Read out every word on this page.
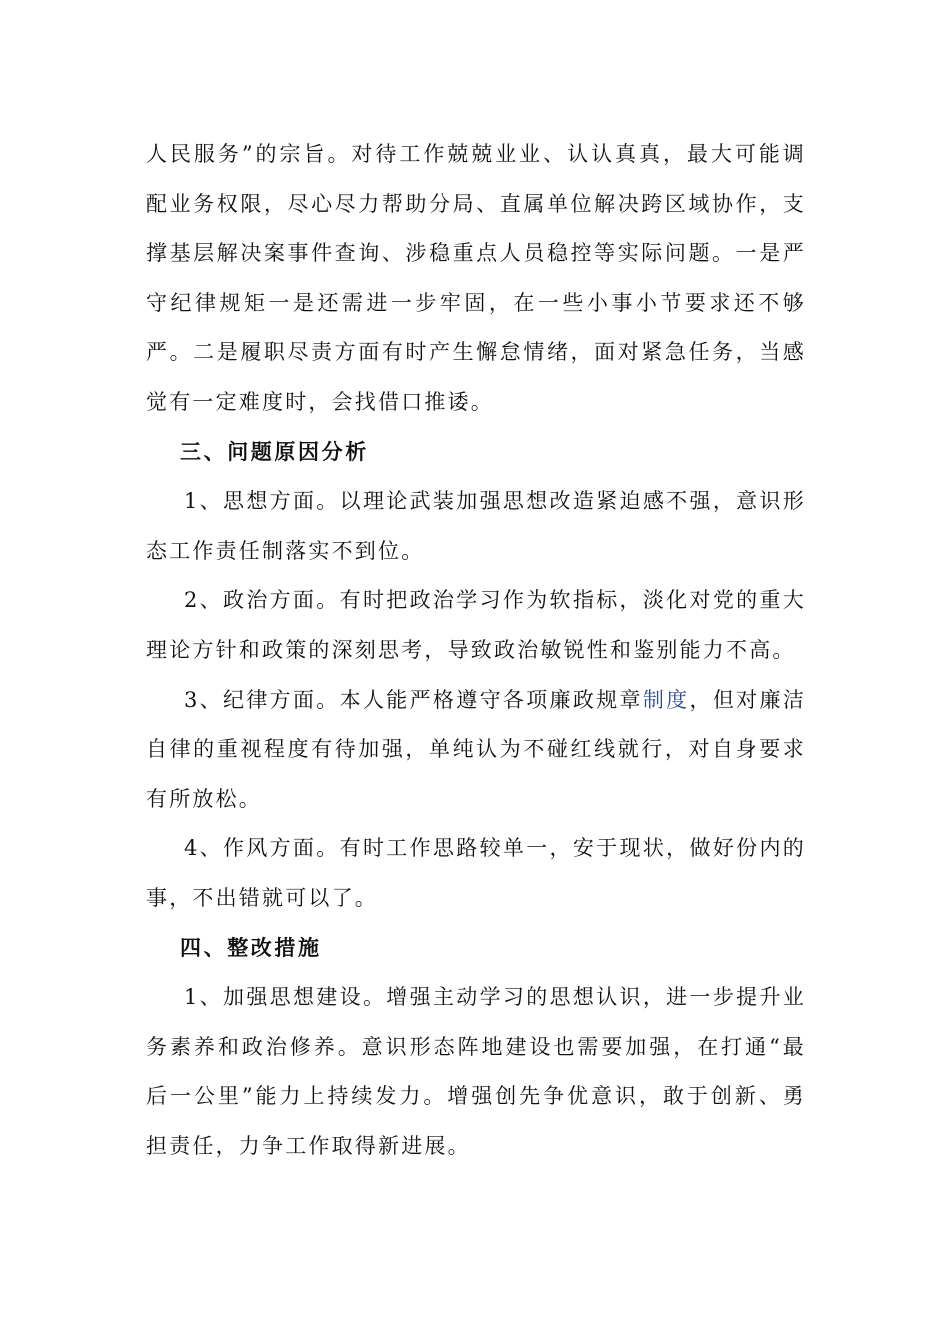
人民服务”的宗旨。对待工作兢兢业业、认认真真，最大可能调配业务权限，尽心尽力帮助分局、直属单位解决跨区域协作，支撑基层解决案事件查询、涉稳重点人员稳控等实际问题。一是严守纪律规矩一是还需进一步牢固，在一些小事小节要求还不够严。二是履职尽责方面有时产生懈怠情绪，面对紧急任务，当感觉有一定难度时，会找借口推诿。

三、问题原因分析

1、思想方面。以理论武装加强思想改造紧迫感不强，意识形态工作责任制落实不到位。

2、政治方面。有时把政治学习作为软指标，淡化对党的重大理论方针和政策的深刻思考，导致政治敏锐性和鉴别能力不高。

3、纪律方面。本人能严格遵守各项廉政规章制度，但对廉洁自律的重视程度有待加强，单纯认为不碰红线就行，对自身要求有所放松。

4、作风方面。有时工作思路较单一，安于现状，做好份内的事，不出错就可以了。

四、整改措施

1、加强思想建设。增强主动学习的思想认识，进一步提升业务素养和政治修养。意识形态阵地建设也需要加强，在打通“最后一公里”能力上持续发力。增强创先争优意识，敢于创新、勇担责任，力争工作取得新进展。
